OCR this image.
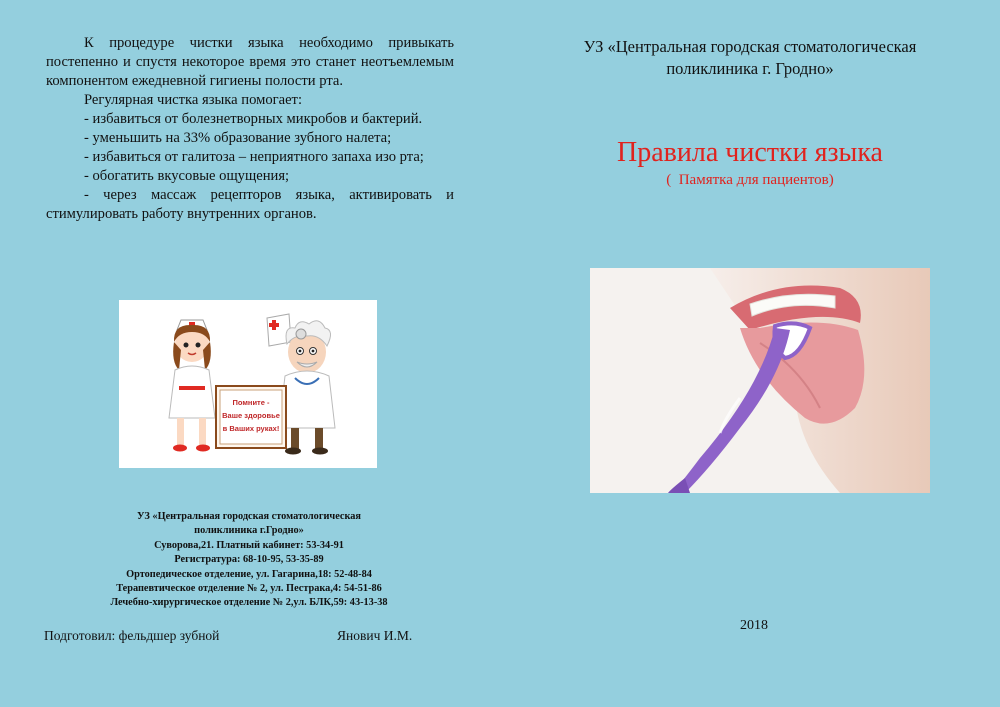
К процедуре чистки языка необходимо привыкать постепенно и спустя некоторое время это станет неотъемлемым компонентом ежедневной гигиены полости рта.

Регулярная чистка языка помогает:

- избавиться от болезнетворных микробов и бактерий.

- уменьшить на 33% образование зубного налета;

- избавиться от галитоза – неприятного запаха изо рта;

- обогатить вкусовые ощущения;

- через массаж рецепторов языка, активировать и стимулировать работу внутренних органов.

Помните -
Ваше здоровье
в Ваших руках!
УЗ «Центральная городская стоматологическая
поликлиника г.Гродно»
Суворова,21. Платный кабинет: 53-34-91
Регистратура: 68-10-95, 53-35-89
Ортопедическое отделение, ул. Гагарина,18: 52-48-84
Терапевтическое отделение № 2, ул. Пестрака,4: 54-51-86
Лечебно-хирургическое отделение № 2,ул. БЛК,59: 43-13-38
Подготовил: фельдшер зубной	Янович И.М.
УЗ «Центральная городская стоматологическая
поликлиника г. Гродно»
Правила чистки языка
(  Памятка для пациентов)
2018
